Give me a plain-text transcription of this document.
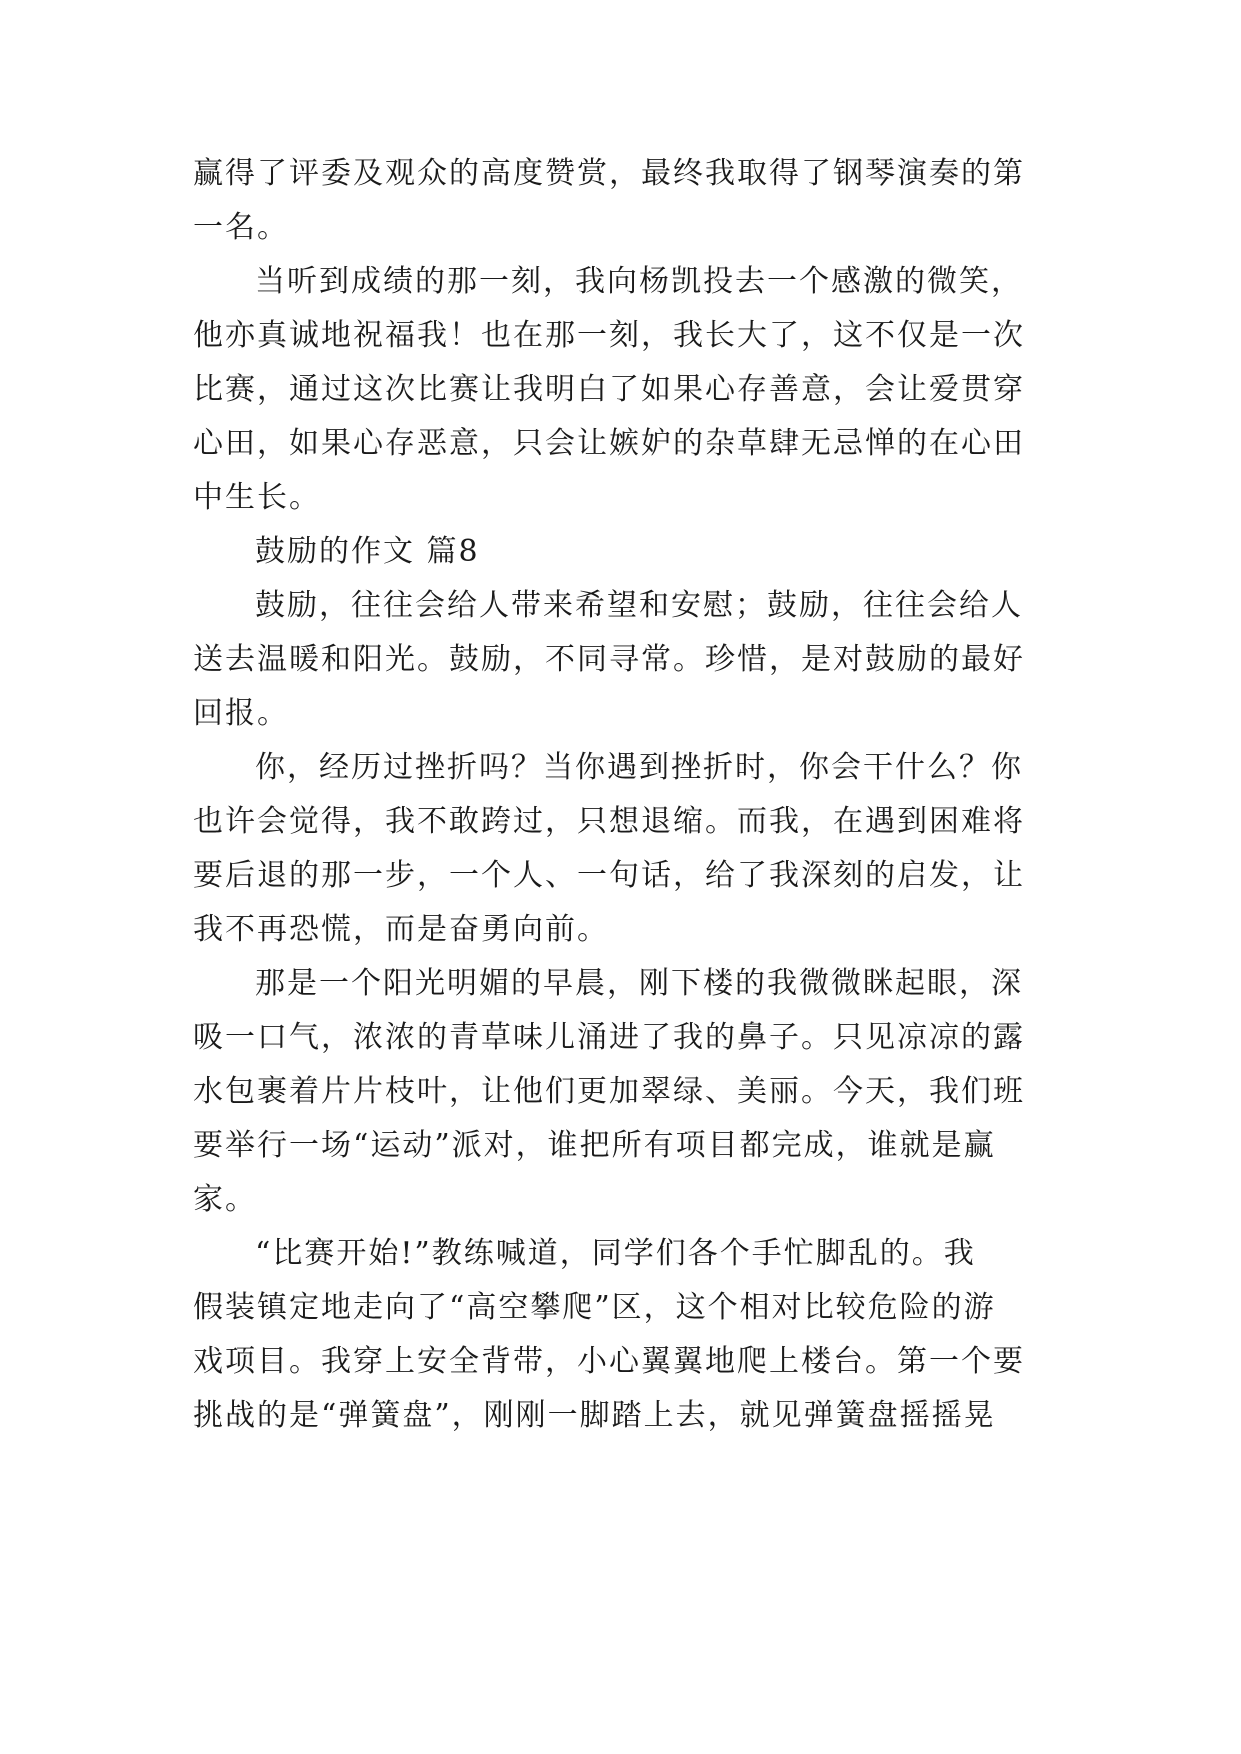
赢得了评委及观众的高度赞赏，最终我取得了钢琴演奏的第
一名。
当听到成绩的那一刻，我向杨凯投去一个感激的微笑，
他亦真诚地祝福我！也在那一刻，我长大了，这不仅是一次
比赛，通过这次比赛让我明白了如果心存善意，会让爱贯穿
心田，如果心存恶意，只会让嫉妒的杂草肆无忌惮的在心田
中生长。
鼓励的作文 篇8
鼓励，往往会给人带来希望和安慰；鼓励，往往会给人
送去温暖和阳光。鼓励，不同寻常。珍惜，是对鼓励的最好
回报。
你，经历过挫折吗？当你遇到挫折时，你会干什么？你
也许会觉得，我不敢跨过，只想退缩。而我，在遇到困难将
要后退的那一步，一个人、一句话，给了我深刻的启发，让
我不再恐慌，而是奋勇向前。
那是一个阳光明媚的早晨，刚下楼的我微微眯起眼，深
吸一口气，浓浓的青草味儿涌进了我的鼻子。只见凉凉的露
水包裹着片片枝叶，让他们更加翠绿、美丽。今天，我们班
要举行一场“运动”派对，谁把所有项目都完成，谁就是赢
家。
“比赛开始!”教练喊道，同学们各个手忙脚乱的。我
假装镇定地走向了“高空攀爬”区，这个相对比较危险的游
戏项目。我穿上安全背带，小心翼翼地爬上楼台。第一个要
挑战的是“弹簧盘”，刚刚一脚踏上去，就见弹簧盘摇摇晃
